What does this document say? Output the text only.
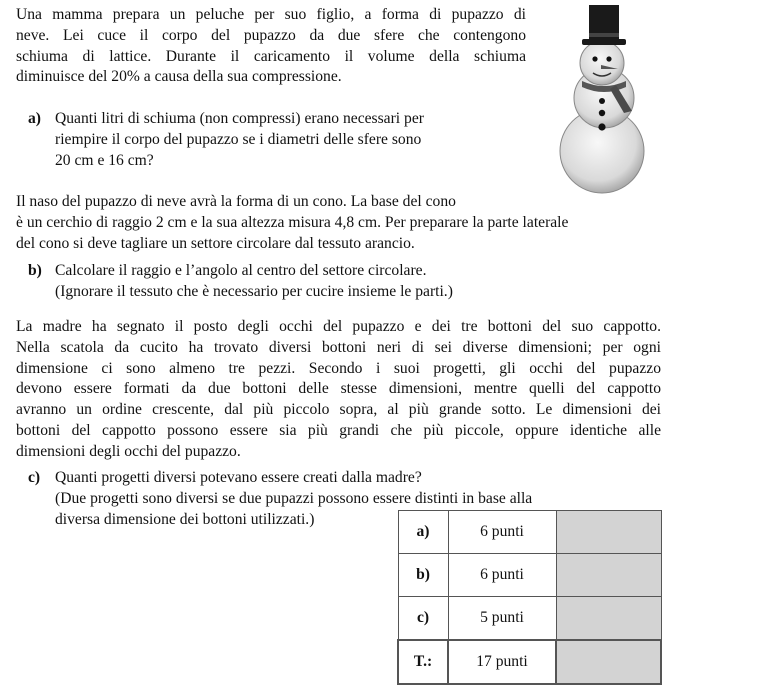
Una mamma prepara un peluche per suo figlio, a forma di pupazzo di
neve. Lei cuce il corpo del pupazzo da due sfere che contengono
schiuma di lattice. Durante il caricamento il volume della schiuma
diminuisce del 20% a causa della sua compressione.
a) Quanti litri di schiuma (non compressi) erano necessari per
riempire il corpo del pupazzo se i diametri delle sfere sono
20 cm e 16 cm?
Il naso del pupazzo di neve avrà la forma di un cono. La base del cono
è un cerchio di raggio 2 cm e la sua altezza misura 4,8 cm. Per preparare la parte laterale
del cono si deve tagliare un settore circolare dal tessuto arancio.
b) Calcolare il raggio e l’angolo al centro del settore circolare.
(Ignorare il tessuto che è necessario per cucire insieme le parti.)
La madre ha segnato il posto degli occhi del pupazzo e dei tre bottoni del suo cappotto.
Nella scatola da cucito ha trovato diversi bottoni neri di sei diverse dimensioni; per ogni
dimensione ci sono almeno tre pezzi. Secondo i suoi progetti, gli occhi del pupazzo
devono essere formati da due bottoni delle stesse dimensioni, mentre quelli del cappotto
avranno un ordine crescente, dal più piccolo sopra, al più grande sotto. Le dimensioni dei
bottoni del cappotto possono essere sia più grandi che più piccole, oppure identiche alle
dimensioni degli occhi del pupazzo.
c) Quanti progetti diversi potevano essere creati dalla madre?
(Due progetti sono diversi se due pupazzi possono essere distinti in base alla
diversa dimensione dei bottoni utilizzati.)
a)	6 punti	
b)	6 punti	
c)	5 punti	
T.:	17 punti	
